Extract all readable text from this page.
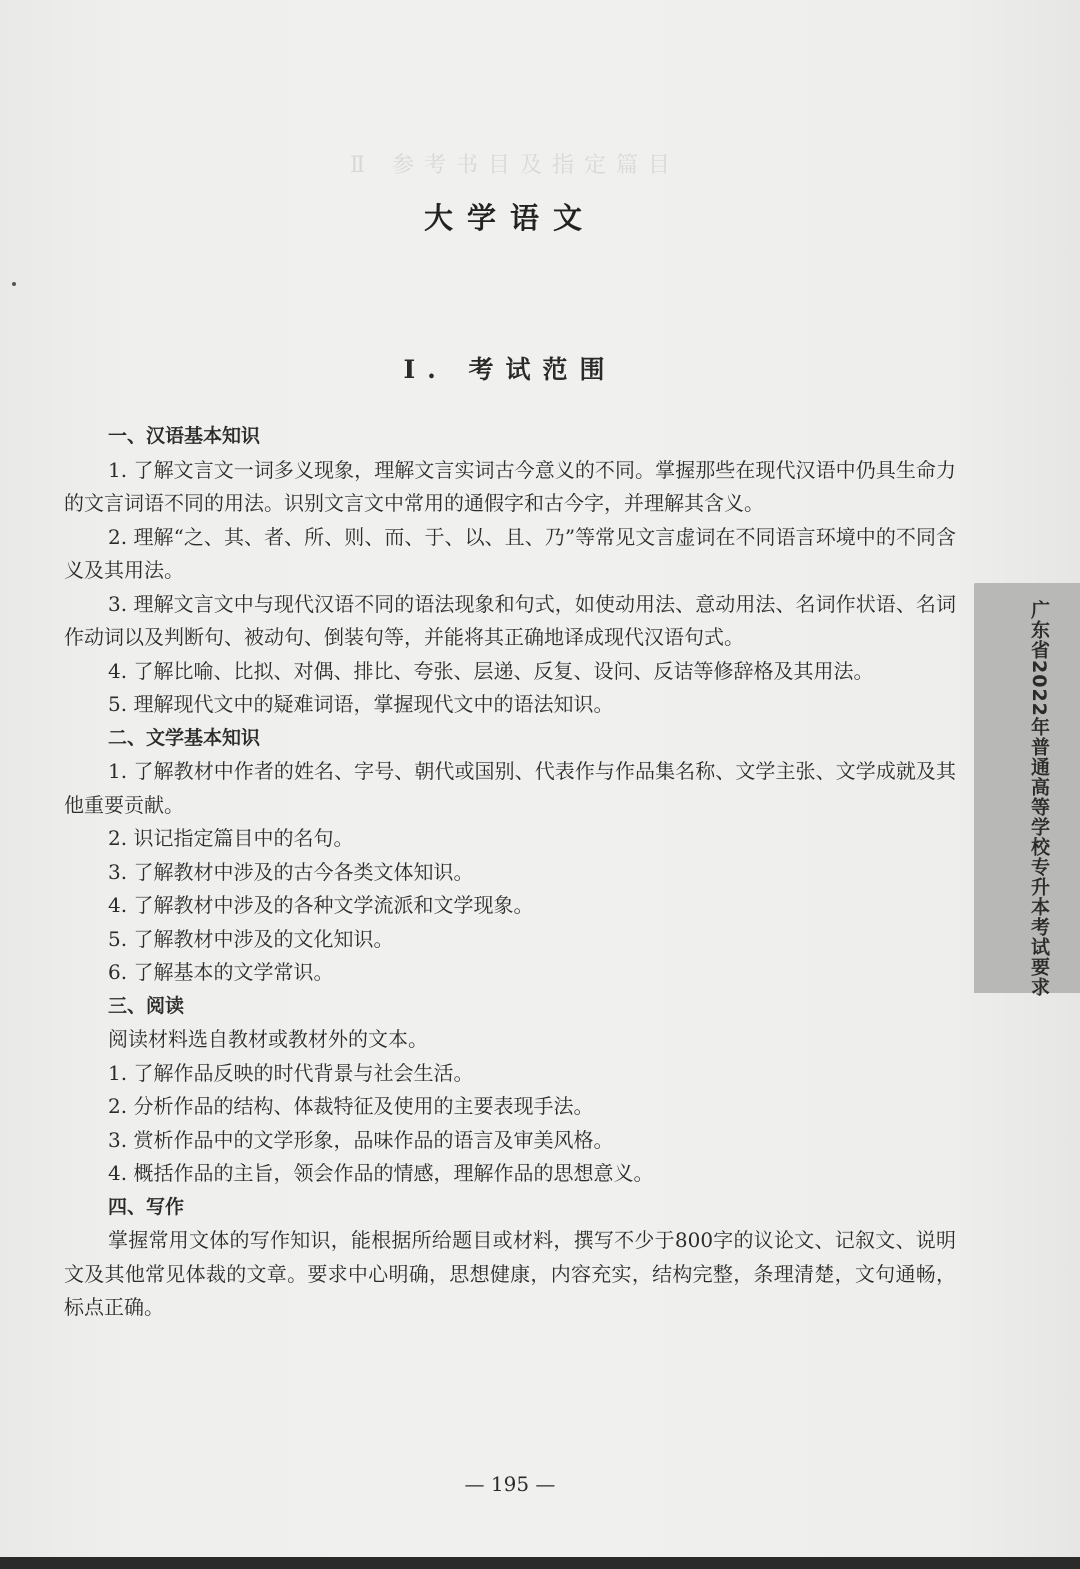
Ⅱ 参考书目及指定篇目
大学语文
Ⅰ. 考试范围
一、汉语基本知识
1. 了解文言文一词多义现象，理解文言实词古今意义的不同。掌握那些在现代汉语中仍具生命力的文言词语不同的用法。识别文言文中常用的通假字和古今字，并理解其含义。
2. 理解“之、其、者、所、则、而、于、以、且、乃”等常见文言虚词在不同语言环境中的不同含义及其用法。
3. 理解文言文中与现代汉语不同的语法现象和句式，如使动用法、意动用法、名词作状语、名词作动词以及判断句、被动句、倒装句等，并能将其正确地译成现代汉语句式。
4. 了解比喻、比拟、对偶、排比、夸张、层递、反复、设问、反诘等修辞格及其用法。
5. 理解现代文中的疑难词语，掌握现代文中的语法知识。
二、文学基本知识
1. 了解教材中作者的姓名、字号、朝代或国别、代表作与作品集名称、文学主张、文学成就及其他重要贡献。
2. 识记指定篇目中的名句。
3. 了解教材中涉及的古今各类文体知识。
4. 了解教材中涉及的各种文学流派和文学现象。
5. 了解教材中涉及的文化知识。
6. 了解基本的文学常识。
三、阅读
阅读材料选自教材或教材外的文本。
1. 了解作品反映的时代背景与社会生活。
2. 分析作品的结构、体裁特征及使用的主要表现手法。
3. 赏析作品中的文学形象，品味作品的语言及审美风格。
4. 概括作品的主旨，领会作品的情感，理解作品的思想意义。
四、写作
掌握常用文体的写作知识，能根据所给题目或材料，撰写不少于800字的议论文、记叙文、说明文及其他常见体裁的文章。要求中心明确，思想健康，内容充实，结构完整，条理清楚，文句通畅，标点正确。
广东省2022年普通高等学校专升本考试要求
— 195 —
